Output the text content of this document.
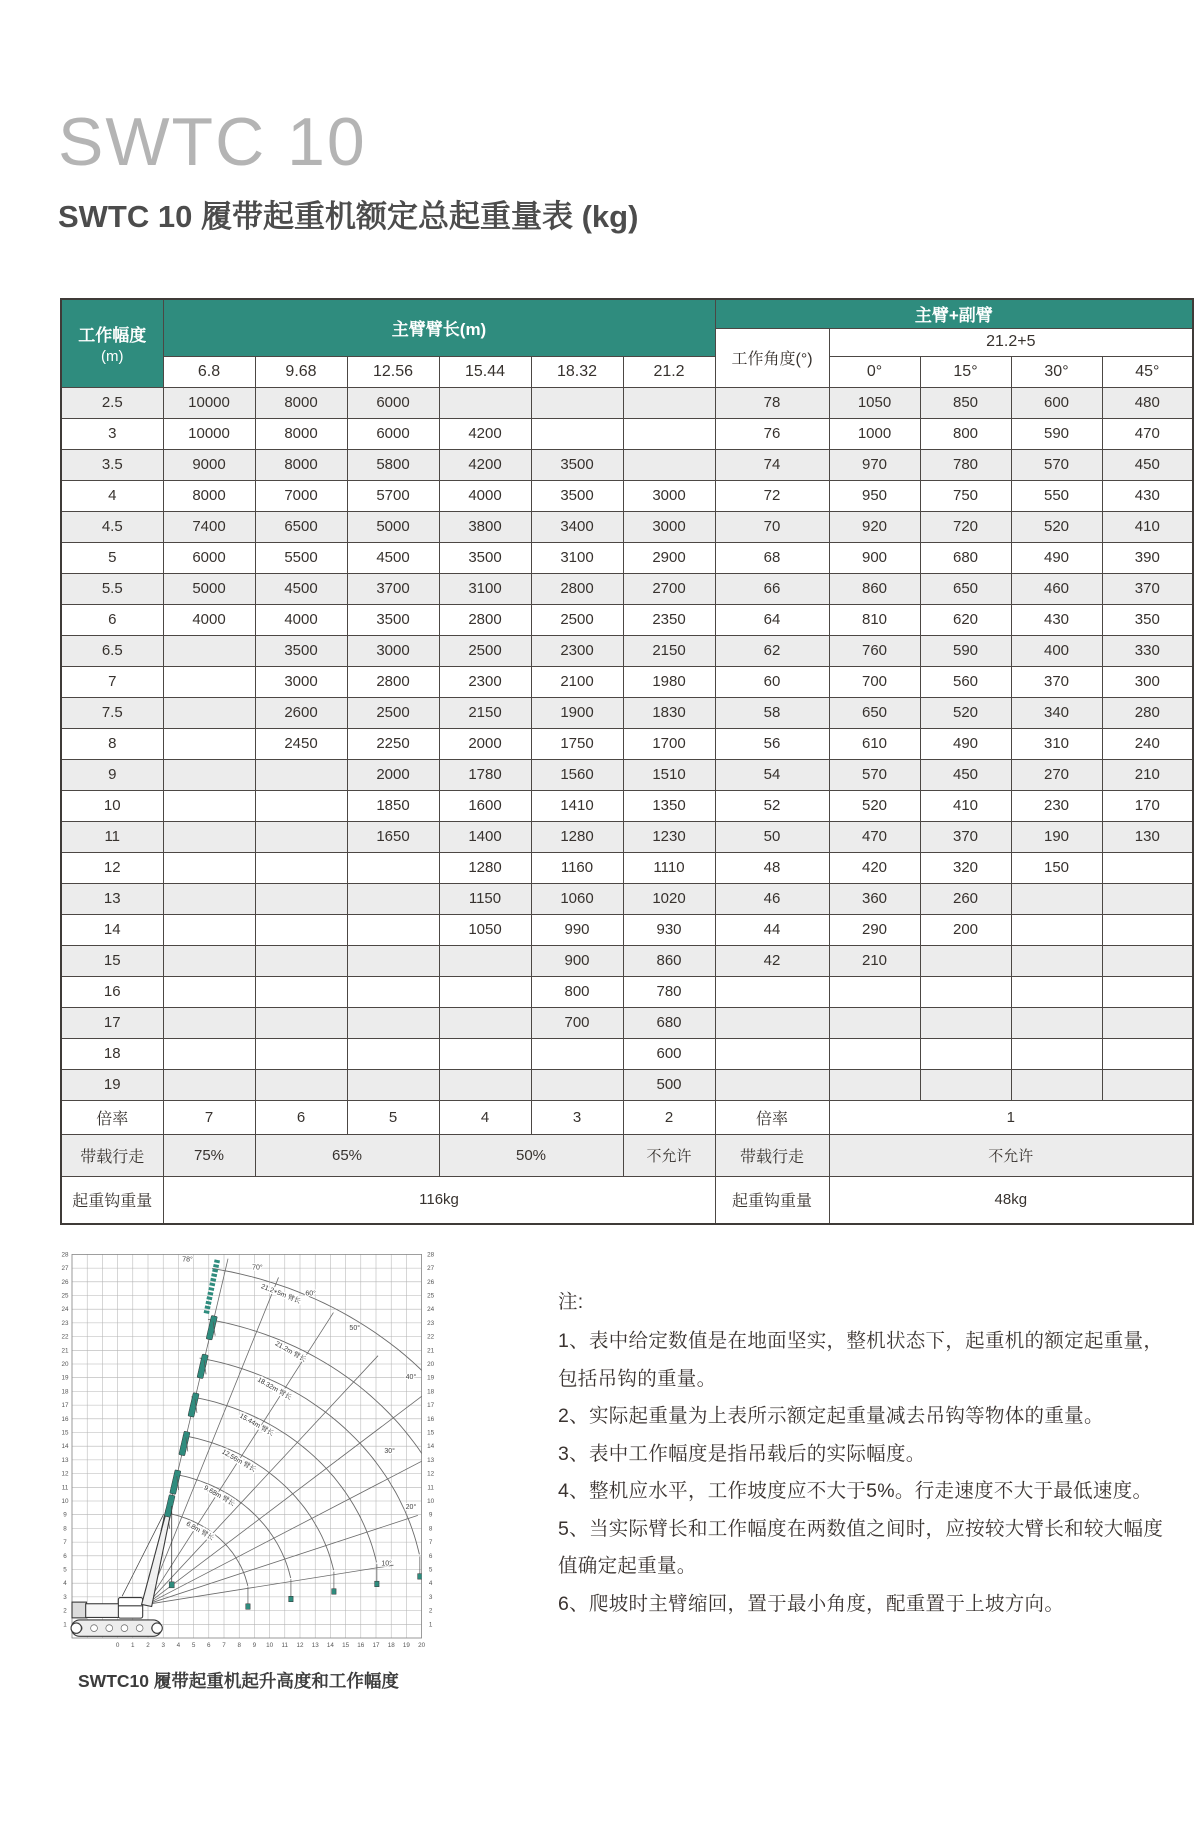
SWTC 10
SWTC 10 履带起重机额定总起重量表 (kg)
工作幅度
(m)	主臂臂长(m)						主臂+副臂				
							工作角度(°)	21.2+5			
	6.8	9.68	12.56	15.44	18.32	21.2		0°	15°	30°	45°
2.5	10000	8000	6000				78	1050	850	600	480
3	10000	8000	6000	4200			76	1000	800	590	470
3.5	9000	8000	5800	4200	3500		74	970	780	570	450
4	8000	7000	5700	4000	3500	3000	72	950	750	550	430
4.5	7400	6500	5000	3800	3400	3000	70	920	720	520	410
5	6000	5500	4500	3500	3100	2900	68	900	680	490	390
5.5	5000	4500	3700	3100	2800	2700	66	860	650	460	370
6	4000	4000	3500	2800	2500	2350	64	810	620	430	350
6.5		3500	3000	2500	2300	2150	62	760	590	400	330
7		3000	2800	2300	2100	1980	60	700	560	370	300
7.5		2600	2500	2150	1900	1830	58	650	520	340	280
8		2450	2250	2000	1750	1700	56	610	490	310	240
9			2000	1780	1560	1510	54	570	450	270	210
10			1850	1600	1410	1350	52	520	410	230	170
11			1650	1400	1280	1230	50	470	370	190	130
12				1280	1160	1110	48	420	320	150	
13				1150	1060	1020	46	360	260		
14				1050	990	930	44	290	200		
15					900	860	42	210			
16					800	780					
17					700	680					
18						600					
19						500					
倍率	7	6	5	4	3	2	倍率	1			
带载行走	75%	65%		50%		不允许	带载行走	不允许			
起重钩重量	116kg						起重钩重量	48kg			
0 1 2 3 4 5 6 7 8 9 10 11 12 13 14 15 16 17 18 19 20
1	1
2	2
3	3
4	4
5	5
6	6
7	7
8	8
9	9
10	10
11	11
12	12
13	13
14	14
15	15
16	16
17	17
18	18
19	19
20	20
21	21
22	22
23	23
24	24
25	25
26	26
27	27
28	28
6.8m 臂长
9.68m 臂长
12.56m 臂长
15.44m 臂长
18.32m 臂长
21.2m 臂长
21.2+5m 臂长
78°
70°
60°
50°
40°
30°
20°
10°
SWTC10 履带起重机起升高度和工作幅度
注:
1、表中给定数值是在地面坚实，整机状态下，起重机的额定起重量，包括吊钩的重量。
2、实际起重量为上表所示额定起重量减去吊钩等物体的重量。
3、表中工作幅度是指吊载后的实际幅度。
4、整机应水平，工作坡度应不大于5%。行走速度不大于最低速度。
5、当实际臂长和工作幅度在两数值之间时，应按较大臂长和较大幅度值确定起重量。
6、爬坡时主臂缩回，置于最小角度，配重置于上坡方向。
